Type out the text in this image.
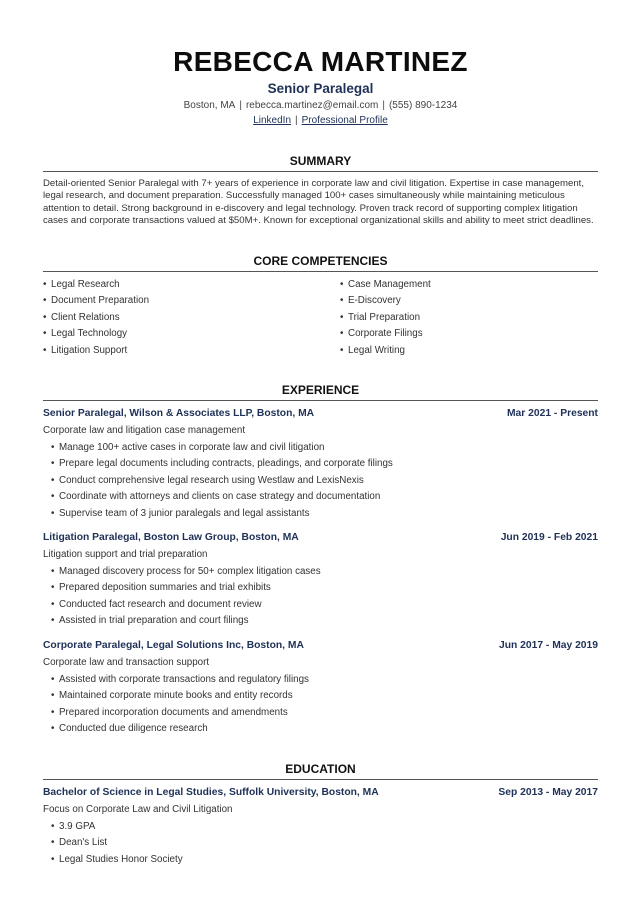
REBECCA MARTINEZ
Senior Paralegal
Boston, MA | rebecca.martinez@email.com | (555) 890-1234
LinkedIn | Professional Profile
SUMMARY
Detail-oriented Senior Paralegal with 7+ years of experience in corporate law and civil litigation. Expertise in case management, legal research, and document preparation. Successfully managed 100+ cases simultaneously while maintaining meticulous attention to detail. Strong background in e-discovery and legal technology. Proven track record of supporting complex litigation cases and corporate transactions valued at $50M+. Known for exceptional organizational skills and ability to meet strict deadlines.
CORE COMPETENCIES
• Legal Research
• Document Preparation
• Client Relations
• Legal Technology
• Litigation Support
• Case Management
• E-Discovery
• Trial Preparation
• Corporate Filings
• Legal Writing
EXPERIENCE
Senior Paralegal, Wilson & Associates LLP, Boston, MA	Mar 2021 - Present
Corporate law and litigation case management
• Manage 100+ active cases in corporate law and civil litigation
• Prepare legal documents including contracts, pleadings, and corporate filings
• Conduct comprehensive legal research using Westlaw and LexisNexis
• Coordinate with attorneys and clients on case strategy and documentation
• Supervise team of 3 junior paralegals and legal assistants
Litigation Paralegal, Boston Law Group, Boston, MA	Jun 2019 - Feb 2021
Litigation support and trial preparation
• Managed discovery process for 50+ complex litigation cases
• Prepared deposition summaries and trial exhibits
• Conducted fact research and document review
• Assisted in trial preparation and court filings
Corporate Paralegal, Legal Solutions Inc, Boston, MA	Jun 2017 - May 2019
Corporate law and transaction support
• Assisted with corporate transactions and regulatory filings
• Maintained corporate minute books and entity records
• Prepared incorporation documents and amendments
• Conducted due diligence research
EDUCATION
Bachelor of Science in Legal Studies, Suffolk University, Boston, MA	Sep 2013 - May 2017
Focus on Corporate Law and Civil Litigation
• 3.9 GPA
• Dean's List
• Legal Studies Honor Society
